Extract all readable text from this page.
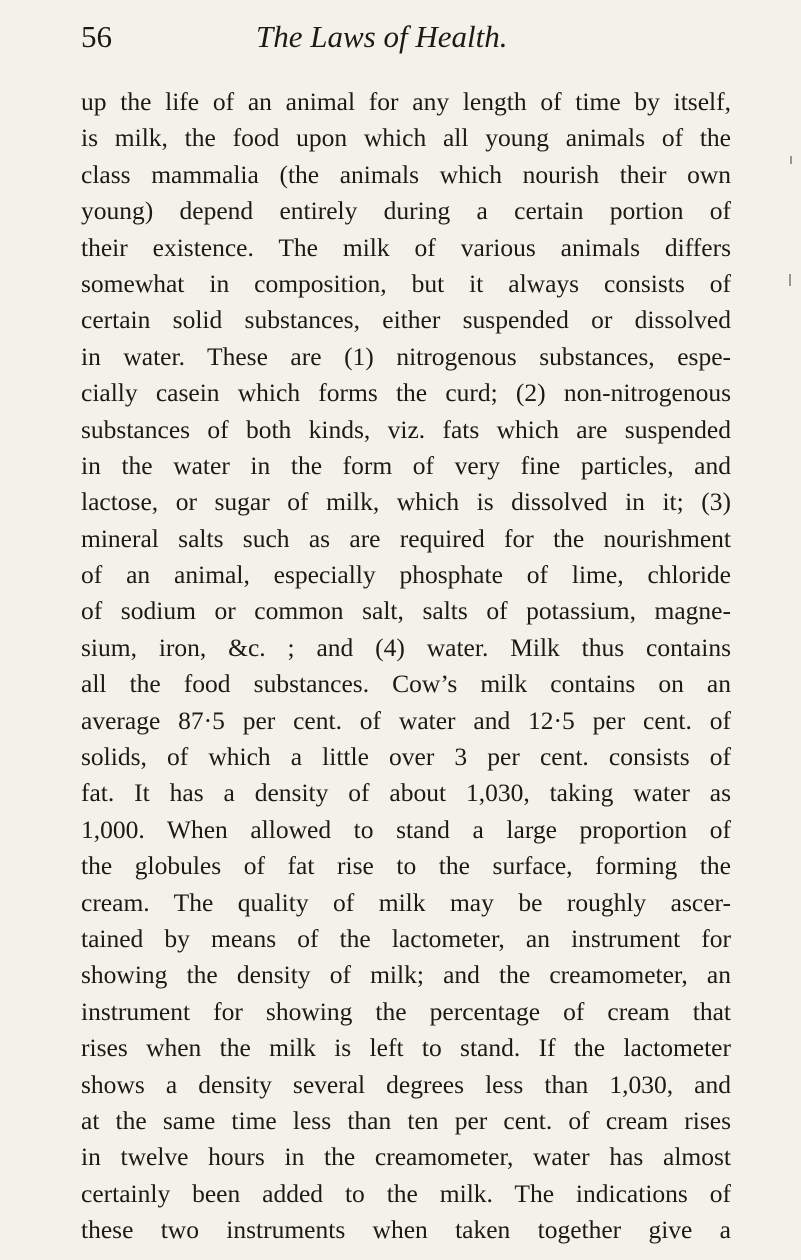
56	The Laws of Health.
up the life of an animal for any length of time by itself,
is milk, the food upon which all young animals of the
class mammalia (the animals which nourish their own
young) depend entirely during a certain portion of
their existence. The milk of various animals differs
somewhat in composition, but it always consists of
certain solid substances, either suspended or dissolved
in water. These are (1) nitrogenous substances, espe-
cially casein which forms the curd; (2) non-nitrogenous
substances of both kinds, viz. fats which are suspended
in the water in the form of very fine particles, and
lactose, or sugar of milk, which is dissolved in it; (3)
mineral salts such as are required for the nourishment
of an animal, especially phosphate of lime, chloride
of sodium or common salt, salts of potassium, magne-
sium, iron, &c. ; and (4) water. Milk thus contains
all the food substances. Cow’s milk contains on an
average 87·5 per cent. of water and 12·5 per cent. of
solids, of which a little over 3 per cent. consists of
fat. It has a density of about 1,030, taking water as
1,000. When allowed to stand a large proportion of
the globules of fat rise to the surface, forming the
cream. The quality of milk may be roughly ascer-
tained by means of the lactometer, an instrument for
showing the density of milk; and the creamometer, an
instrument for showing the percentage of cream that
rises when the milk is left to stand. If the lactometer
shows a density several degrees less than 1,030, and
at the same time less than ten per cent. of cream rises
in twelve hours in the creamometer, water has almost
certainly been added to the milk. The indications of
these two instruments when taken together give a
